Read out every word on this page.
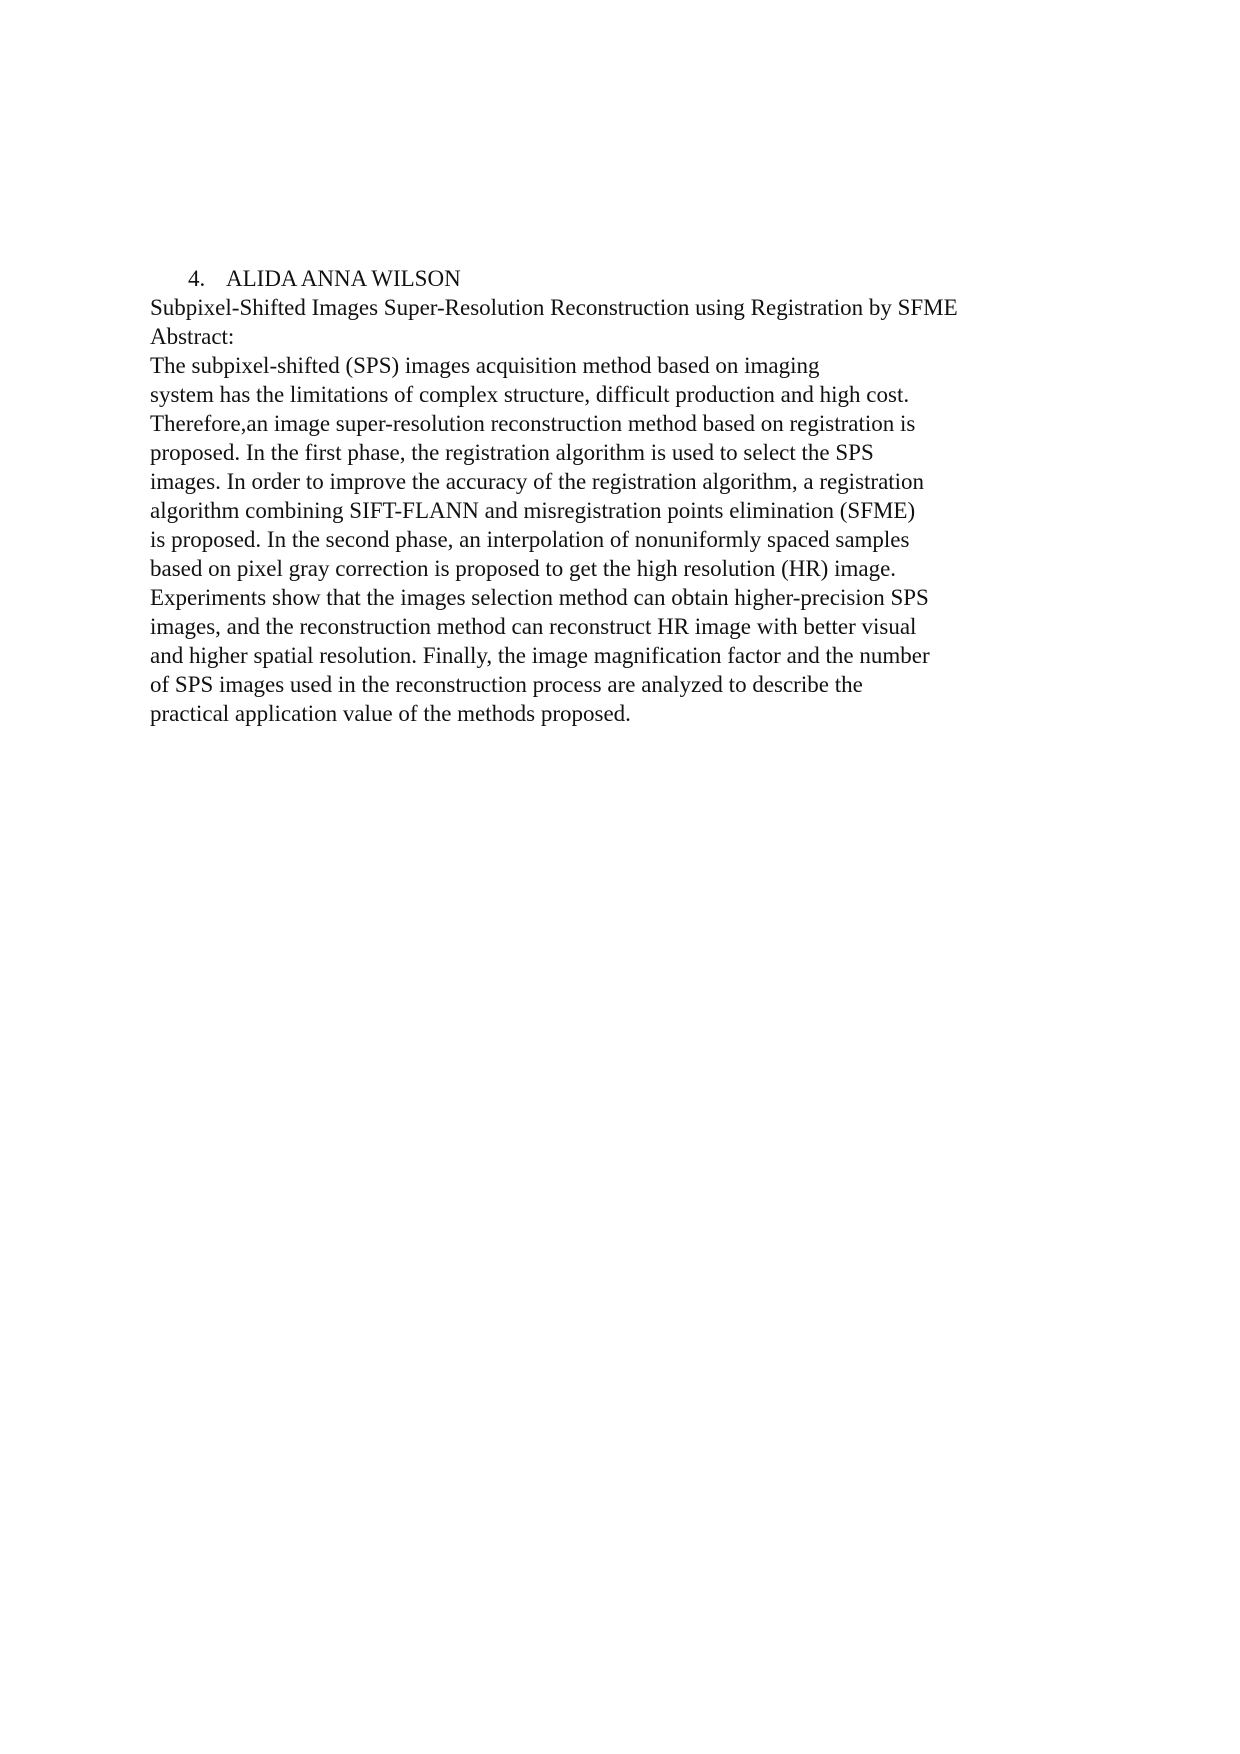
4. ALIDA ANNA WILSON
Subpixel-Shifted Images Super-Resolution Reconstruction using Registration by SFME
Abstract:
The subpixel-shifted (SPS) images acquisition method based on imaging
system has the limitations of complex structure, difficult production and high cost.
Therefore,an image super-resolution reconstruction method based on registration is
proposed. In the first phase, the registration algorithm is used to select the SPS
images. In order to improve the accuracy of the registration algorithm, a registration
algorithm combining SIFT-FLANN and misregistration points elimination (SFME)
is proposed. In the second phase, an interpolation of nonuniformly spaced samples
based on pixel gray correction is proposed to get the high resolution (HR) image.
Experiments show that the images selection method can obtain higher-precision SPS
images, and the reconstruction method can reconstruct HR image with better visual
and higher spatial resolution. Finally, the image magnification factor and the number
of SPS images used in the reconstruction process are analyzed to describe the
practical application value of the methods proposed.
